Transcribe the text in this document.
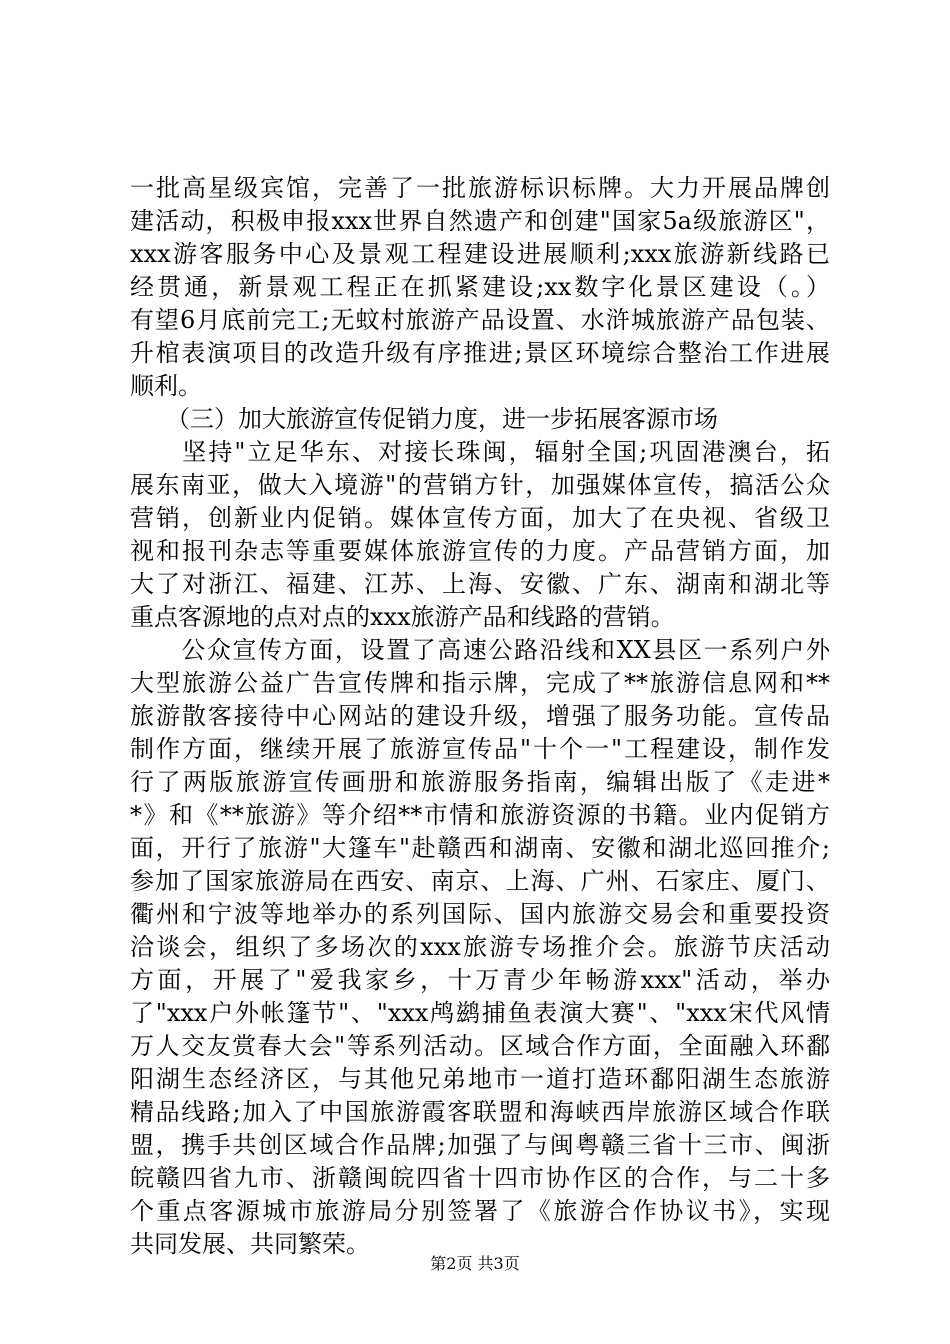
一批高星级宾馆，完善了一批旅游标识标牌。大力开展品牌创
建活动，积极申报xxx世界自然遗产和创建"国家5a级旅游区"，
xxx游客服务中心及景观工程建设进展顺利;xxx旅游新线路已
经贯通，新景观工程正在抓紧建设;xx数字化景区建设（。）
有望6月底前完工;无蚊村旅游产品设置、水浒城旅游产品包装、
升棺表演项目的改造升级有序推进;景区环境综合整治工作进展
顺利。
　　（三）加大旅游宣传促销力度，进一步拓展客源市场
　　坚持"立足华东、对接长珠闽，辐射全国;巩固港澳台，拓
展东南亚，做大入境游"的营销方针，加强媒体宣传，搞活公众
营销，创新业内促销。媒体宣传方面，加大了在央视、省级卫
视和报刊杂志等重要媒体旅游宣传的力度。产品营销方面，加
大了对浙江、福建、江苏、上海、安徽、广东、湖南和湖北等
重点客源地的点对点的xxx旅游产品和线路的营销。
　　公众宣传方面，设置了高速公路沿线和XX县区一系列户外
大型旅游公益广告宣传牌和指示牌，完成了**旅游信息网和**
旅游散客接待中心网站的建设升级，增强了服务功能。宣传品
制作方面，继续开展了旅游宣传品"十个一"工程建设，制作发
行了两版旅游宣传画册和旅游服务指南，编辑出版了《走进*
*》和《**旅游》等介绍**市情和旅游资源的书籍。业内促销方
面，开行了旅游"大篷车"赴赣西和湖南、安徽和湖北巡回推介;
参加了国家旅游局在西安、南京、上海、广州、石家庄、厦门、
衢州和宁波等地举办的系列国际、国内旅游交易会和重要投资
洽谈会，组织了多场次的xxx旅游专场推介会。旅游节庆活动
方面，开展了"爱我家乡，十万青少年畅游xxx"活动，举办
了"xxx户外帐篷节"、"xxx鸬鹚捕鱼表演大赛"、"xxx宋代风情
万人交友赏春大会"等系列活动。区域合作方面，全面融入环鄱
阳湖生态经济区，与其他兄弟地市一道打造环鄱阳湖生态旅游
精品线路;加入了中国旅游霞客联盟和海峡西岸旅游区域合作联
盟，携手共创区域合作品牌;加强了与闽粤赣三省十三市、闽浙
皖赣四省九市、浙赣闽皖四省十四市协作区的合作，与二十多
个重点客源城市旅游局分别签署了《旅游合作协议书》，实现
共同发展、共同繁荣。
第2页 共3页
